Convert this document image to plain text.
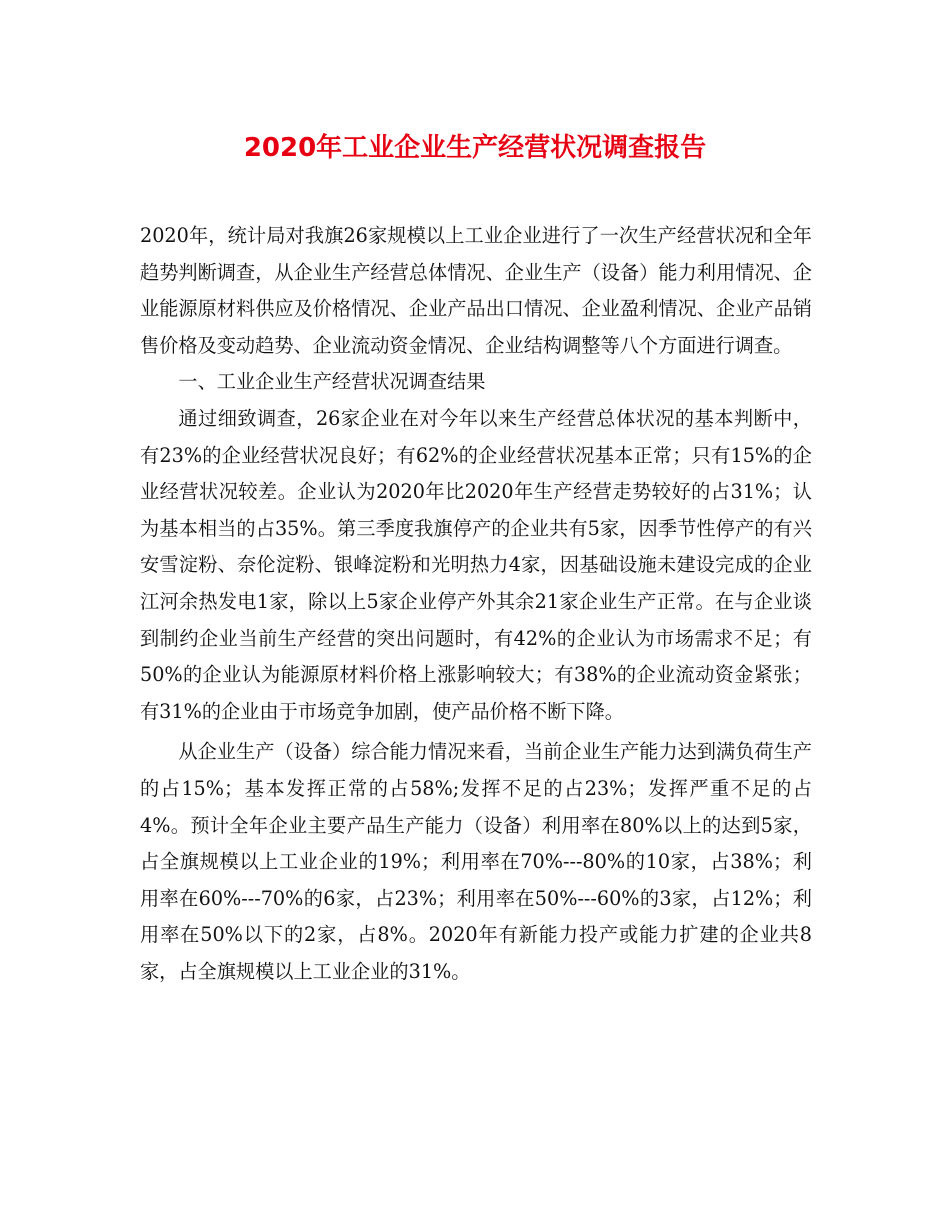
2020年工业企业生产经营状况调查报告

2020年，统计局对我旗26家规模以上工业企业进行了一次生产经营状况和全年趋势判断调查，从企业生产经营总体情况、企业生产（设备）能力利用情况、企业能源原材料供应及价格情况、企业产品出口情况、企业盈利情况、企业产品销售价格及变动趋势、企业流动资金情况、企业结构调整等八个方面进行调查。

一、工业企业生产经营状况调查结果

通过细致调查，26家企业在对今年以来生产经营总体状况的基本判断中，有23%的企业经营状况良好；有62%的企业经营状况基本正常；只有15%的企业经营状况较差。企业认为2020年比2020年生产经营走势较好的占31%；认为基本相当的占35%。第三季度我旗停产的企业共有5家，因季节性停产的有兴安雪淀粉、奈伦淀粉、银峰淀粉和光明热力4家，因基础设施未建设完成的企业江河余热发电1家，除以上5家企业停产外其余21家企业生产正常。在与企业谈到制约企业当前生产经营的突出问题时，有42%的企业认为市场需求不足；有50%的企业认为能源原材料价格上涨影响较大；有38%的企业流动资金紧张；有31%的企业由于市场竞争加剧，使产品价格不断下降。

从企业生产（设备）综合能力情况来看，当前企业生产能力达到满负荷生产的占15%；基本发挥正常的占58%;发挥不足的占23%；发挥严重不足的占4%。预计全年企业主要产品生产能力（设备）利用率在80%以上的达到5家，占全旗规模以上工业企业的19%；利用率在70%---80%的10家，占38%；利用率在60%---70%的6家，占23%；利用率在50%---60%的3家，占12%；利用率在50%以下的2家，占8%。2020年有新能力投产或能力扩建的企业共8家，占全旗规模以上工业企业的31%。
